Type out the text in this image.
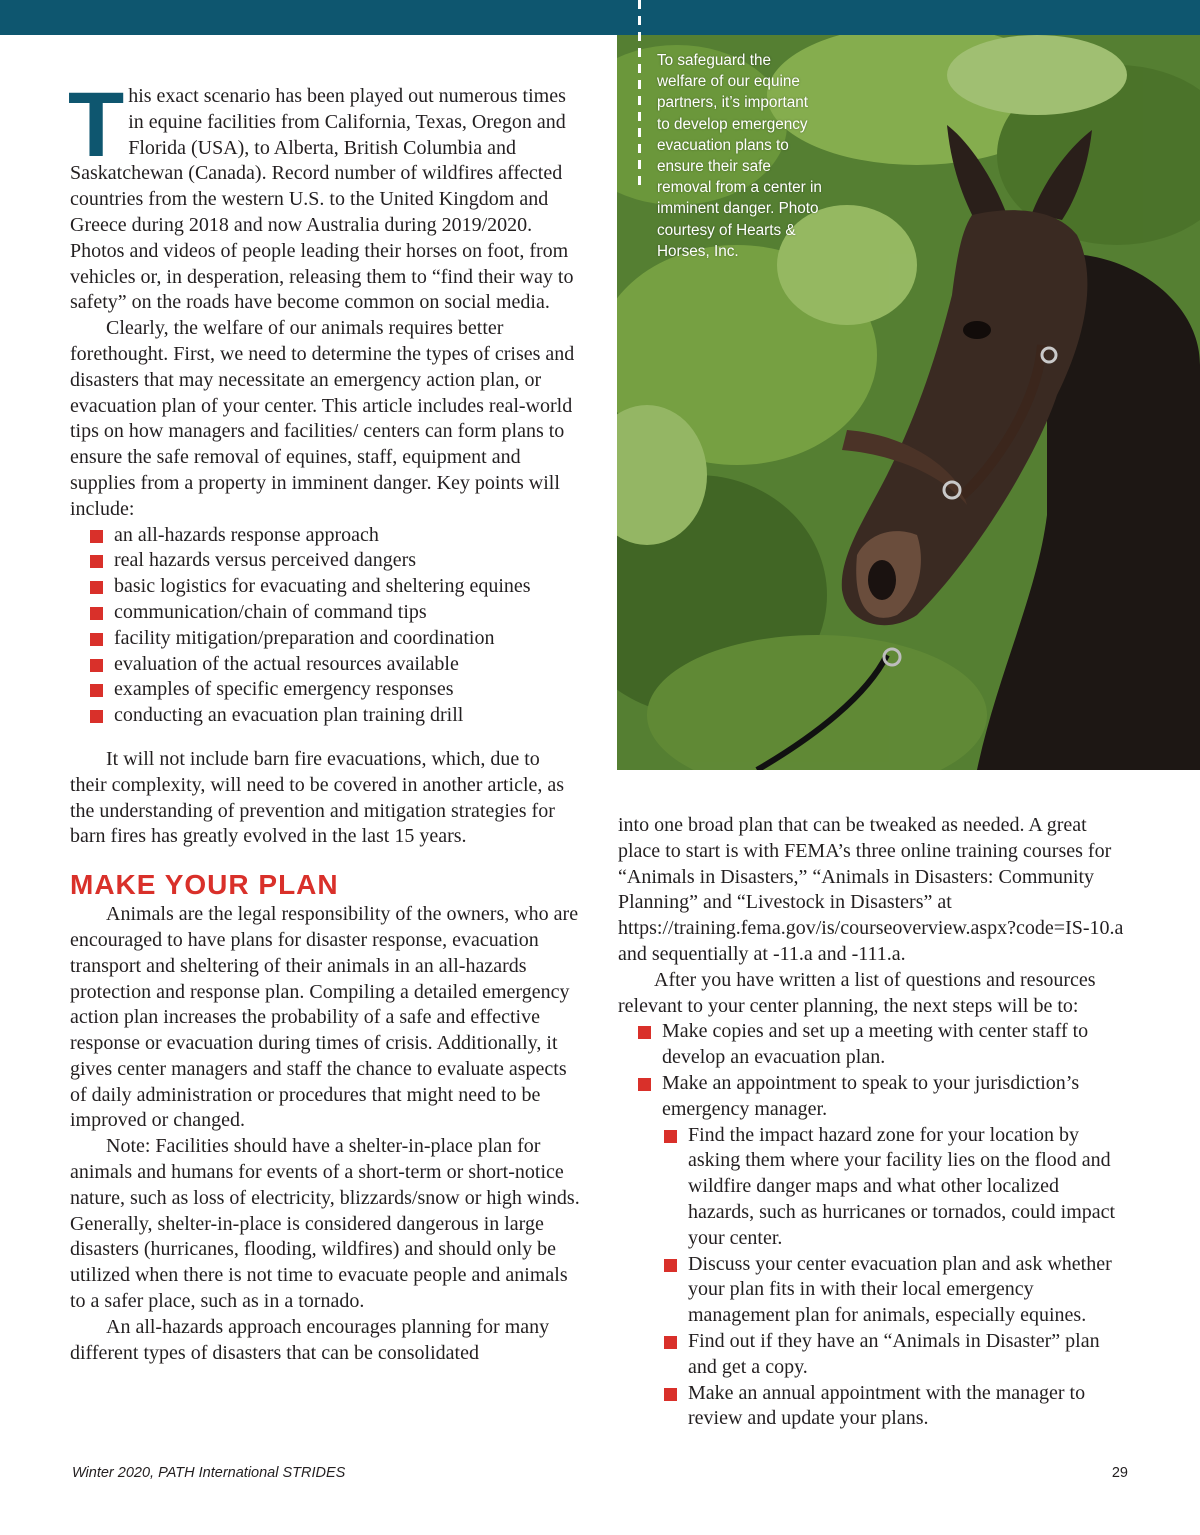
To safeguard the welfare of our equine partners, it’s important to develop emergency evacuation plans to ensure their safe removal from a center in imminent danger. Photo courtesy of Hearts & Horses, Inc.

This exact scenario has been played out numerous times in equine facilities from California, Texas, Oregon and Florida (USA), to Alberta, British Columbia and Saskatchewan (Canada). Record number of wildfires affected countries from the western U.S. to the United Kingdom and Greece during 2018 and now Australia during 2019/2020. Photos and videos of people leading their horses on foot, from vehicles or, in desperation, releasing them to “find their way to safety” on the roads have become common on social media.

Clearly, the welfare of our animals requires better forethought. First, we need to determine the types of crises and disasters that may necessitate an emergency action plan, or evacuation plan of your center. This article includes real-world tips on how managers and facilities/ centers can form plans to ensure the safe removal of equines, staff, equipment and supplies from a property in imminent danger. Key points will include:

an all-hazards response approach
real hazards versus perceived dangers
basic logistics for evacuating and sheltering equines
communication/chain of command tips
facility mitigation/preparation and coordination
evaluation of the actual resources available
examples of specific emergency responses
conducting an evacuation plan training drill

It will not include barn fire evacuations, which, due to their complexity, will need to be covered in another article, as the understanding of prevention and mitigation strategies for barn fires has greatly evolved in the last 15 years.

MAKE YOUR PLAN

Animals are the legal responsibility of the owners, who are encouraged to have plans for disaster response, evacuation transport and sheltering of their animals in an all-hazards protection and response plan. Compiling a detailed emergency action plan increases the probability of a safe and effective response or evacuation during times of crisis. Additionally, it gives center managers and staff the chance to evaluate aspects of daily administration or procedures that might need to be improved or changed.

Note: Facilities should have a shelter-in-place plan for animals and humans for events of a short-term or short-notice nature, such as loss of electricity, blizzards/snow or high winds. Generally, shelter-in-place is considered dangerous in large disasters (hurricanes, flooding, wildfires) and should only be utilized when there is not time to evacuate people and animals to a safer place, such as in a tornado.

An all-hazards approach encourages planning for many different types of disasters that can be consolidated

into one broad plan that can be tweaked as needed. A great place to start is with FEMA’s three online training courses for “Animals in Disasters,” “Animals in Disasters: Community Planning” and “Livestock in Disasters” at https://training.fema.gov/is/courseoverview.aspx?code=IS-10.a and sequentially at -11.a and -111.a.

After you have written a list of questions and resources relevant to your center planning, the next steps will be to:

Make copies and set up a meeting with center staff to develop an evacuation plan.
Make an appointment to speak to your jurisdiction’s emergency manager.
Find the impact hazard zone for your location by asking them where your facility lies on the flood and wildfire danger maps and what other localized hazards, such as hurricanes or tornados, could impact your center.
Discuss your center evacuation plan and ask whether your plan fits in with their local emergency management plan for animals, especially equines.
Find out if they have an “Animals in Disaster” plan and get a copy.
Make an annual appointment with the manager to review and update your plans.
Winter 2020, PATH International STRIDES	29
